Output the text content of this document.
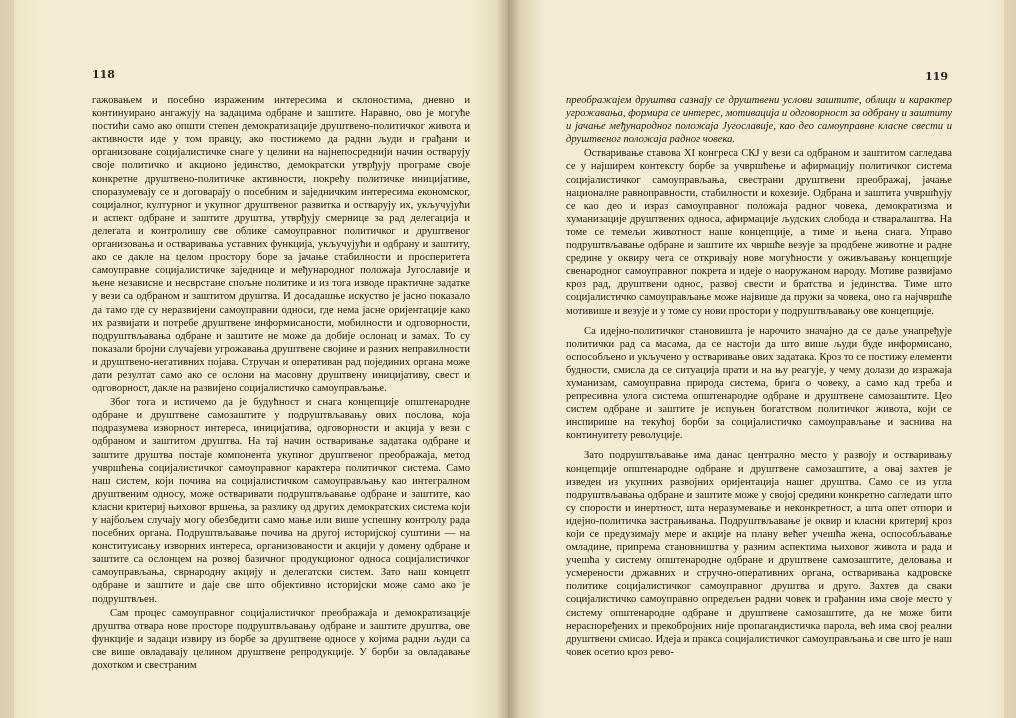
118

гажовањем и посебно израженим интересима и склоностима, дневно и континуирано ангажују на задацима одбране и заштите. Наравно, ово је могуће постићи само ако општи степен демократизације друштвено-политичког живота и активности иде у том правцу, ако постижемо да радни људи и грађани и организоване социјалистичке снаге у целини на најнепосреднији начин остварују своје политичко и акционо јединство, демократски утврђују програме своје конкретне друштвено-политичке активности, покрећу политичке иницијативе, споразумевају се и договарају о посебним и заједничким интересима економског, социјалног, културног и укупног друштвеног развитка и остварују их, укључујући и аспект одбране и заштите друштва, утврђују смернице за рад делегација и делегата и контролишу све облике самоуправног политичког и друштвеног организовања и остваривања уставних функција, укључујући и одбрану и заштиту, ако се дакле на целом простору боре за јачање стабилности и просперитета самоуправне социјалистичке заједнице и међународног положаја Југославије и њене независне и несврстане спољне политике и из тога изводе практичне задатке у вези са одбраном и заштитом друштва. И досадашње искуство је јасно показало да тамо где су неразвијени самоуправни односи, где нема јасне оријентације како их развијати и потребе друштвене информисаности, мобилности и одговорности, подруштвљавања одбране и заштите не може да добије ослонац и замах. То су показали бројни случајеви угрожавања друштвене својине и разних неправилности и друштвено-негативних појава. Стручан и оперативан рад појединих органа може дати резултат само ако се ослони на масовну друштвену иницијативу, свест и одговорност, дакле на развијено социјалистичко самоуправљање.

Због тога и истичемо да је будућност и снага концепције општенародне одбране и друштвене самозаштите у подруштвљавању ових послова, која подразумева изворност интереса, иницијатива, одговорности и акција у вези с одбраном и заштитом друштва. На тај начин остваривање задатака одбране и заштите друштва постаје компонента укупног друштвеног преображаја, метод учвршћења социјалистичког самоуправног карактера политичког система. Само наш систем, који почива на социјалистичком самоуправљању као интегралном друштвеним односу, може остваривати подруштвљавање одбране и заштите, као класни критериј њиховог вршења, за разлику од других демократских система који у најбољем случају могу обезбедити само мање или више успешну контролу рада посебних органа. Подруштвљавање почива на другој историјској суштини — на конституисању изворних интереса, организованости и акцији у домену одбране и заштите са ослонцем на розвој базичног продукционог односа социјалистичког самоуправљања, сврнародну акцију и делегатски систем. Зато наш концепт одбране и заштите и даје све што објективно историјски може само ако је подруштвљен.

Сам процес самоуправног социјалистичког преображаја и демократизације друштва отвара нове просторе подруштвљавању одбране и заштите друштва, ове функције и задаци извиру из борбе за друштвене односе у којима радни људи са све више овладавају целином друштвене репродукције. У борби за овладавање дохотком и свестраним

119

преображајем друштва сазнају се друштвени услови заштите, облици и карактер угрожавања, формира се интерес, мотивација и одговорност за одбрану и заштиту и јачање међународног положаја Југославије, као део самоуправне класне свести и друштвеног положаја радног човека.

Остваривање ставова XI конгреса СКЈ у вези са одбраном и заштитом сагледава се у најширем контексту борбе за учвршћење и афирмацију политичког система социјалистичког самоуправљања, свестрани друштвени преображај, јачање националне равноправности, стабилности и кохезије. Одбрана и заштита учвршћују се као део и израз самоуправног положаја радног човека, демократизма и хуманизације друштвених односа, афирмације људских слобода и стваралаштва. На томе се темељи животност наше концепције, а тиме и њена снага. Управо подруштвљавање одбране и заштите их чвршће везује за продбене животне и радне средине у оквиру чега се откривају нове могућности у оживљавању концепције свенародног самоуправног покрета и идеје о наоружаном народу. Мотиве развијамо кроз рад, друштвени однос, развој свести и братства и јединства. Тиме што социјалистичко самоуправљање може највише да пружи за човека, оно га најчвршће мотивише и везује и у томе су нови простори у подруштвљавању ове концепције.

Са идејно-политичког становишта је нарочито значајно да се даље унапређује политички рад са масама, да се настоји да што више људи буде информисано, оспособљено и укључено у остваривање ових задатака. Кроз то се постижу елементи будности, смисла да се ситуација прати и на њу реагује, у чему долази до изражаја хуманизам, самоуправна природа система, брига о човеку, а само кад треба и репресивна улога система општенародне одбране и друштвене самозаштите. Цео систем одбране и заштите је испуњен богатством политичког живота, који се инспирише на текућој борби за социјалистичко самоуправљање и заснива на континуитету револуције.

Зато подруштвљавање има данас централно место у развоју и остваривању концепције општенародне одбране и друштвене самозаштите, а овај захтев је изведен из укупних развојних оријентација нашег друштва. Само се из угла подруштвљавања одбране и заштите може у својој средини конкретно сагледати што су спорости и инертност, шта неразумевање и неконкретност, а шта опет отпори и идејно-политичка застрањивања. Подруштвљавање је оквир и класни критериј кроз који се предузимају мере и акције на плану већег учешћа жена, оспособљавање омладине, припрема становништва у разним аспектима њиховог живота и рада и учешћа у систему општенародне одбране и друштвене самозаштите, деловања и усмерености државних и стручно-оперативних органа, остваривања кадровске политике социјалистичког самоуправног друштва и друго. Захтев да сваки социјалистичко самоуправно опредељен радни човек и грађанин има своје место у систему општенародне одбране и друштвене самозаштите, да не може бити нераспоређених и прекобројних није пропагандистичка парола, већ има свој реални друштвени смисао. Идеја и пракса социјалистичког самоуправљања и све што је наш човек осетио кроз рево-
